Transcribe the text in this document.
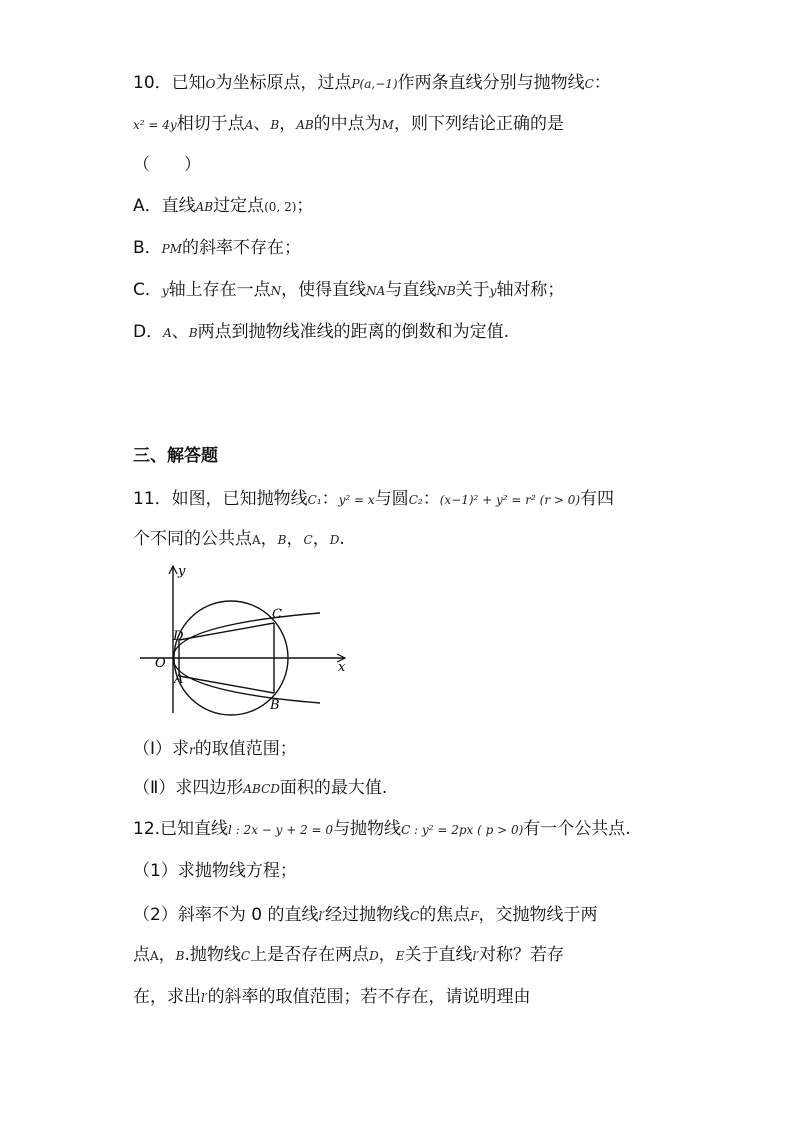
10．已知O为坐标原点，过点P(a,−1)作两条直线分别与抛物线C：
x² = 4y相切于点A、B，AB的中点为M，则下列结论正确的是
（　　）
A．直线AB过定点(0, 2)；
B．PM的斜率不存在；
C．y轴上存在一点N，使得直线NA与直线NB关于y轴对称；
D．A、B两点到抛物线准线的距离的倒数和为定值.
三、解答题
11．如图，已知抛物线C₁：y² = x与圆C₂：(x−1)² + y² = r² (r > 0)有四
个不同的公共点A，B，C，D.
y
x
O
D
A
C
B
（Ⅰ）求r的取值范围；
（Ⅱ）求四边形ABCD面积的最大值.
12.已知直线l : 2x − y + 2 = 0与抛物线C : y² = 2px ( p > 0)有一个公共点.
（1）求抛物线方程；
（2）斜率不为 0 的直线l′经过抛物线C的焦点F，交抛物线于两
点A，B.抛物线C上是否存在两点D，E关于直线l′对称？若存
在，求出l′的斜率的取值范围；若不存在，请说明理由
